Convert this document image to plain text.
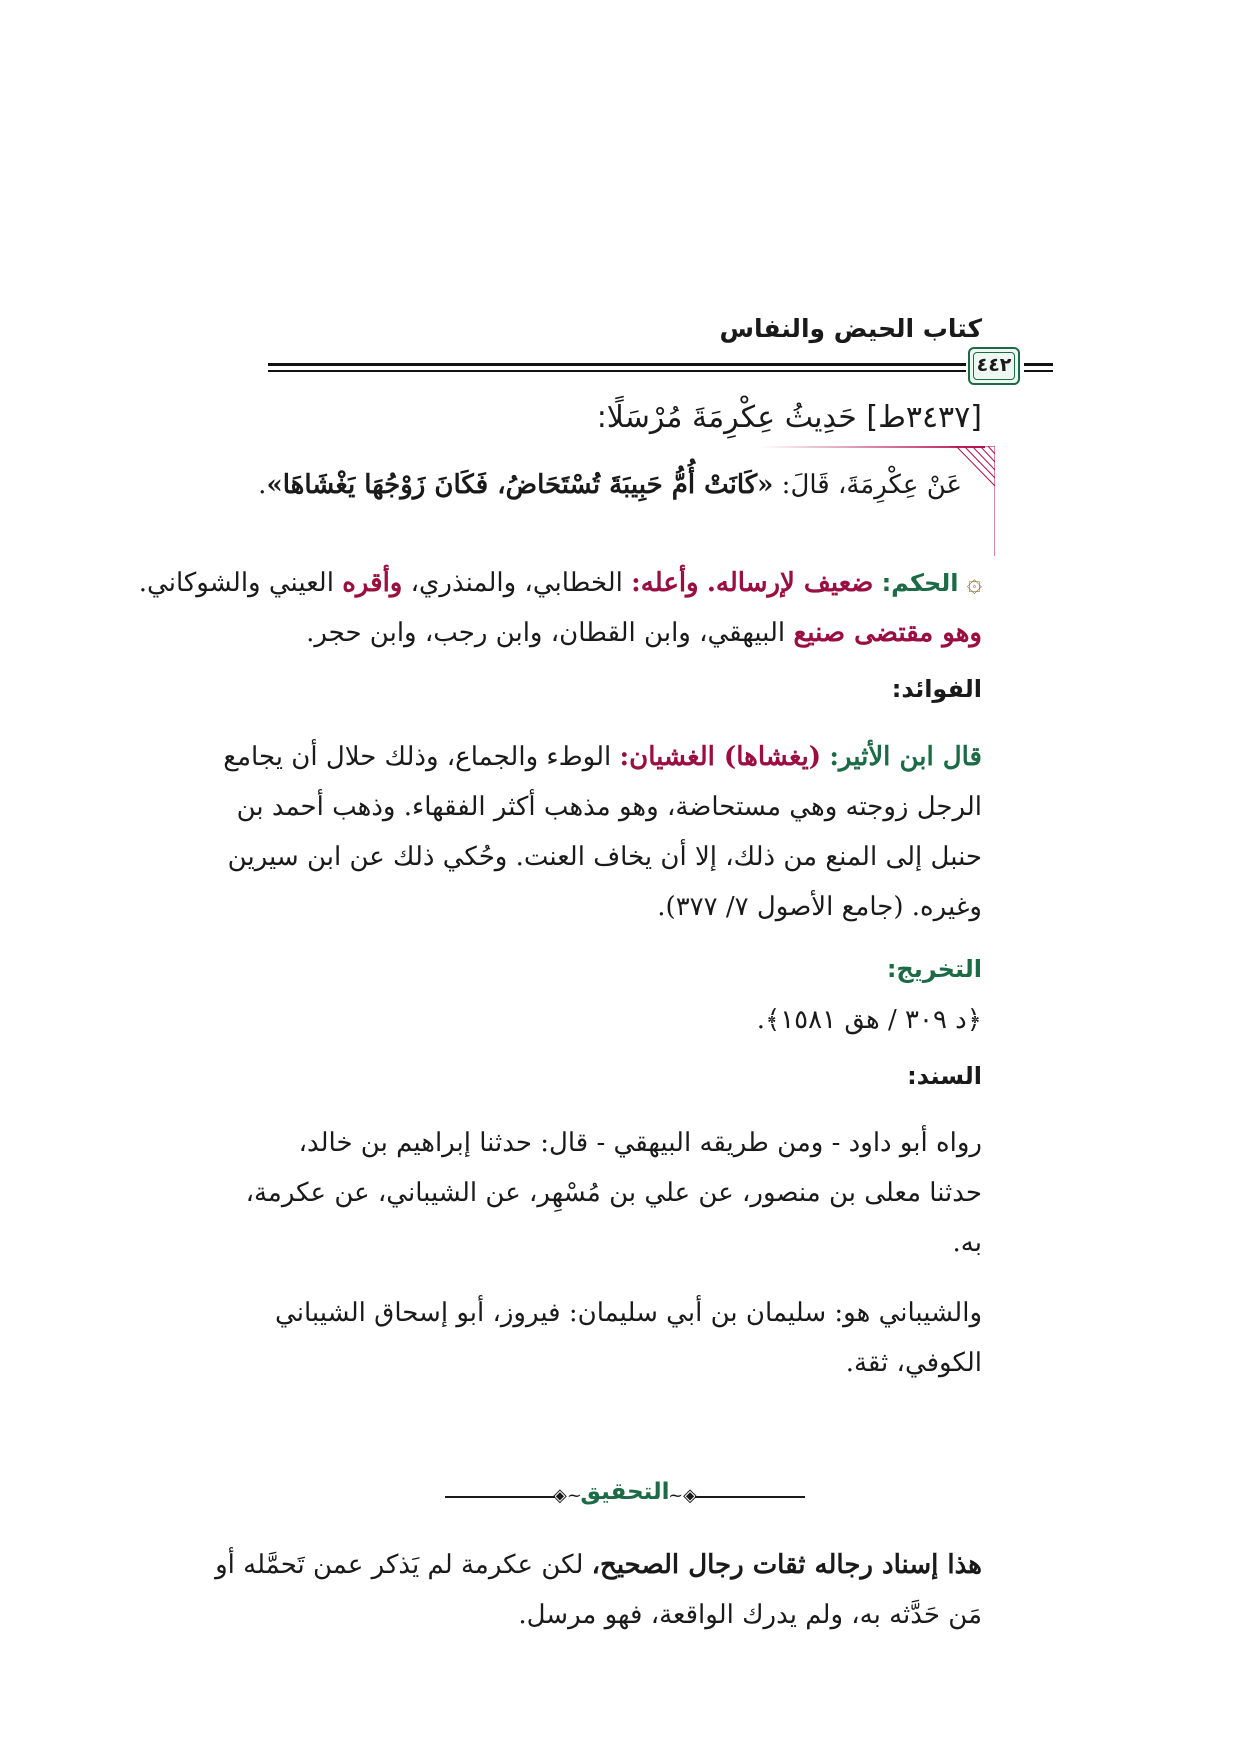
كتاب الحيض والنفاس
٤٤٢
[٣٤٣٧ط] حَدِيثُ عِكْرِمَةَ مُرْسَلًا:
عَنْ عِكْرِمَةَ، قَالَ: «كَانَتْ أُمُّ حَبِيبَةَ تُسْتَحَاضُ، فَكَانَ زَوْجُهَا يَغْشَاهَا».
۞ الحكم: ضعيف لإرساله. وأعله: الخطابي، والمنذري، وأقره العيني والشوكاني.
وهو مقتضى صنيع البيهقي، وابن القطان، وابن رجب، وابن حجر.
الفوائد:
قال ابن الأثير: (يغشاها) الغشيان: الوطء والجماع، وذلك حلال أن يجامع
الرجل زوجته وهي مستحاضة، وهو مذهب أكثر الفقهاء. وذهب أحمد بن
حنبل إلى المنع من ذلك، إلا أن يخاف العنت. وحُكي ذلك عن ابن سيرين
وغيره. (جامع الأصول ٧/ ٣٧٧).
التخريج:
﴿د ٣٠٩ / هق ١٥٨١﴾.
السند:
رواه أبو داود - ومن طريقه البيهقي - قال: حدثنا إبراهيم بن خالد،
حدثنا معلى بن منصور، عن علي بن مُسْهِر، عن الشيباني، عن عكرمة،
به.
والشيباني هو: سليمان بن أبي سليمان: فيروز، أبو إسحاق الشيباني
الكوفي، ثقة.
◈~	~◈
التحقيق
هذا إسناد رجاله ثقات رجال الصحيح، لكن عكرمة لم يَذكر عمن تَحمَّله أو
مَن حَدَّثه به، ولم يدرك الواقعة، فهو مرسل.
